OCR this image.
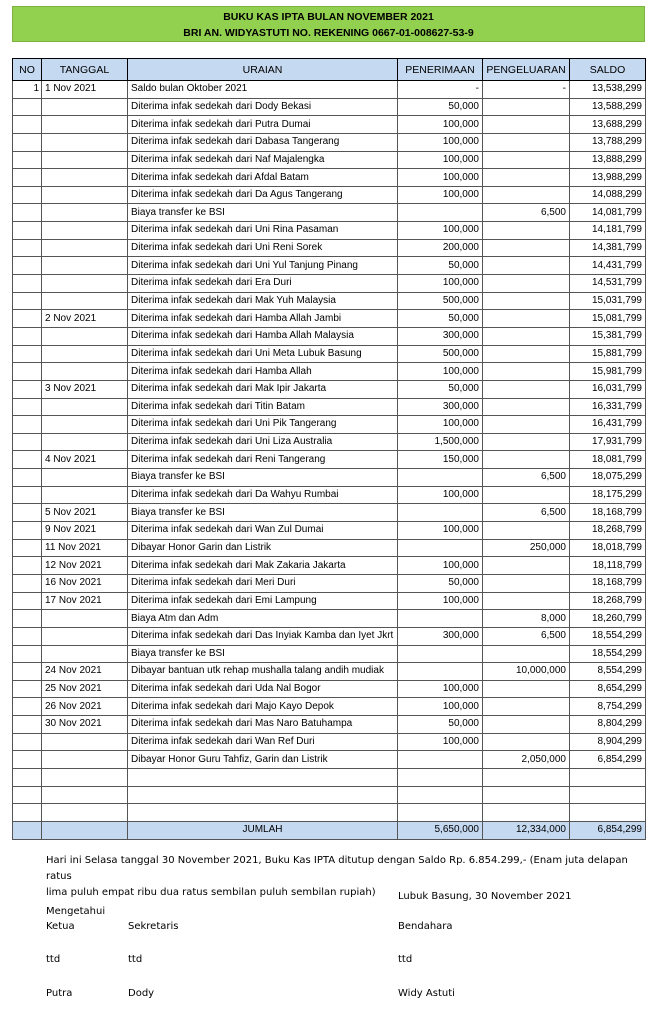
BUKU KAS IPTA BULAN NOVEMBER 2021
BRI AN. WIDYASTUTI NO. REKENING 0667-01-008627-53-9
NO	TANGGAL	URAIAN	PENERIMAAN	PENGELUARAN	SALDO
1	1 Nov 2021	Saldo bulan Oktober 2021	-	-	13,538,299
		Diterima infak sedekah dari Dody Bekasi	50,000		13,588,299
		Diterima infak sedekah dari Putra Dumai	100,000		13,688,299
		Diterima infak sedekah dari Dabasa Tangerang	100,000		13,788,299
		Diterima infak sedekah dari Naf Majalengka	100,000		13,888,299
		Diterima infak sedekah dari Afdal Batam	100,000		13,988,299
		Diterima infak sedekah dari Da Agus Tangerang	100,000		14,088,299
		Biaya transfer ke BSI		6,500	14,081,799
		Diterima infak sedekah dari Uni Rina Pasaman	100,000		14,181,799
		Diterima infak sedekah dari Uni Reni Sorek	200,000		14,381,799
		Diterima infak sedekah dari Uni Yul Tanjung Pinang	50,000		14,431,799
		Diterima infak sedekah dari Era Duri	100,000		14,531,799
		Diterima infak sedekah dari Mak Yuh Malaysia	500,000		15,031,799
	2 Nov 2021	Diterima infak sedekah dari Hamba Allah Jambi	50,000		15,081,799
		Diterima infak sedekah dari Hamba Allah Malaysia	300,000		15,381,799
		Diterima infak sedekah dari Uni Meta Lubuk Basung	500,000		15,881,799
		Diterima infak sedekah dari Hamba Allah	100,000		15,981,799
	3 Nov 2021	Diterima infak sedekah dari Mak Ipir Jakarta	50,000		16,031,799
		Diterima infak sedekah dari Titin Batam	300,000		16,331,799
		Diterima infak sedekah dari Uni Pik Tangerang	100,000		16,431,799
		Diterima infak sedekah dari Uni Liza Australia	1,500,000		17,931,799
	4 Nov 2021	Diterima infak sedekah dari Reni Tangerang	150,000		18,081,799
		Biaya transfer ke BSI		6,500	18,075,299
		Diterima infak sedekah dari Da Wahyu Rumbai	100,000		18,175,299
	5 Nov 2021	Biaya transfer ke BSI		6,500	18,168,799
	9 Nov 2021	Diterima infak sedekah dari Wan Zul Dumai	100,000		18,268,799
	11 Nov 2021	Dibayar Honor Garin dan Listrik		250,000	18,018,799
	12 Nov 2021	Diterima infak sedekah dari Mak Zakaria Jakarta	100,000		18,118,799
	16 Nov 2021	Diterima infak sedekah dari Meri Duri	50,000		18,168,799
	17 Nov 2021	Diterima infak sedekah dari Emi Lampung	100,000		18,268,799
		Biaya Atm dan Adm		8,000	18,260,799
		Diterima infak sedekah dari Das Inyiak Kamba dan Iyet Jkrt	300,000	6,500	18,554,299
		Biaya transfer ke BSI			18,554,299
	24 Nov 2021	Dibayar bantuan utk rehap mushalla talang andih mudiak		10,000,000	8,554,299
	25 Nov 2021	Diterima infak sedekah dari Uda Nal Bogor	100,000		8,654,299
	26 Nov 2021	Diterima infak sedekah dari Majo Kayo Depok	100,000		8,754,299
	30 Nov 2021	Diterima infak sedekah dari Mas Naro Batuhampa	50,000		8,804,299
		Diterima infak sedekah dari Wan Ref Duri	100,000		8,904,299
		Dibayar Honor Guru Tahfiz, Garin dan Listrik		2,050,000	6,854,299

		JUMLAH	5,650,000	12,334,000	6,854,299
Hari ini Selasa tanggal 30 November 2021, Buku Kas IPTA ditutup dengan Saldo Rp. 6.854.299,- (Enam juta delapan ratus
lima puluh empat ribu dua ratus sembilan puluh sembilan rupiah)	Lubuk Basung, 30 November 2021
Mengetahui
Ketua	Sekretaris	Bendahara
ttd	ttd	ttd
Putra	Dody	Widy Astuti
